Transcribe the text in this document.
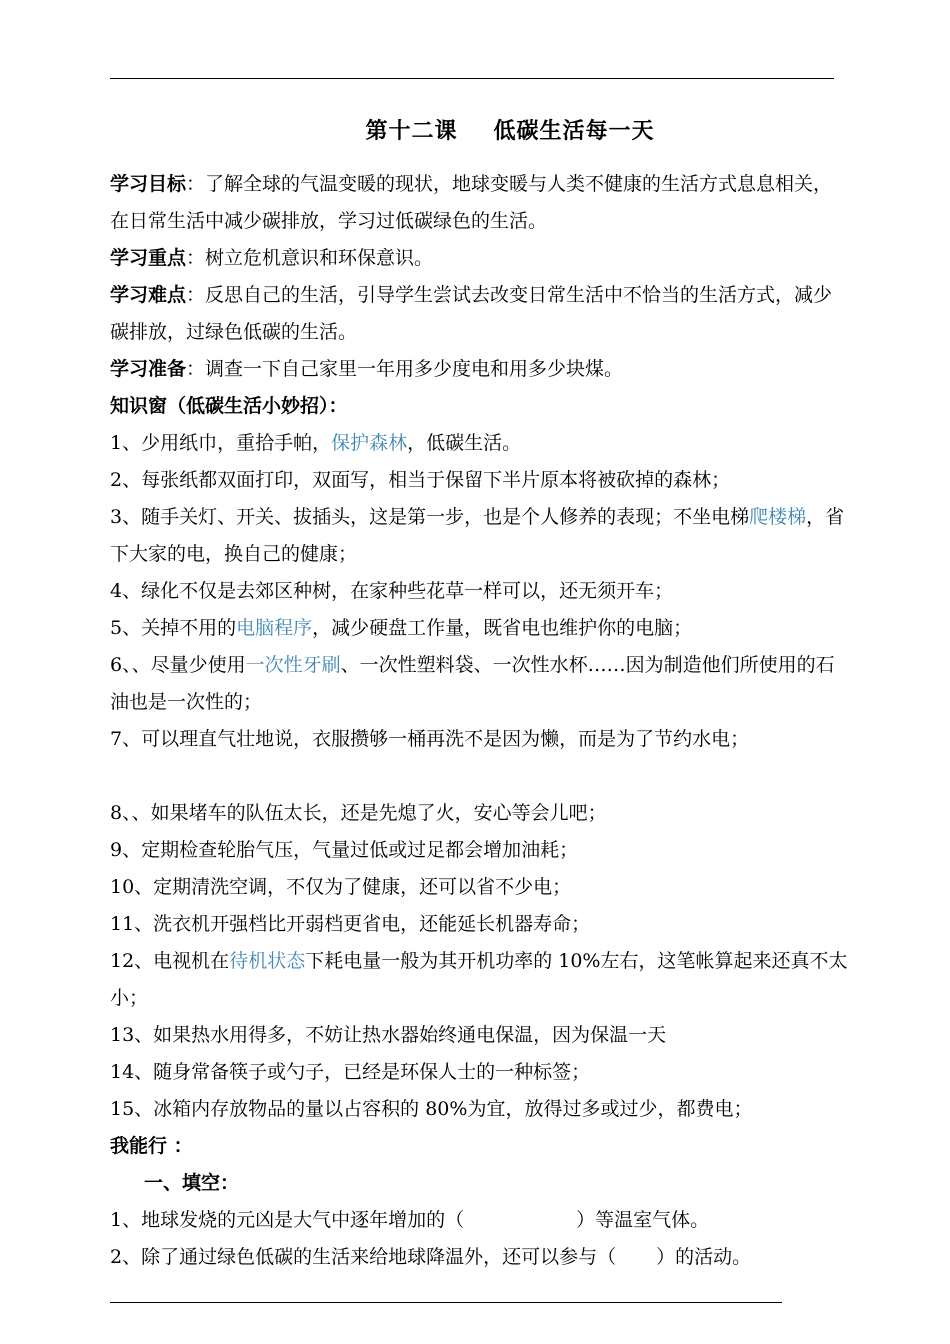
第十二课 低碳生活每一天

学习目标：了解全球的气温变暖的现状，地球变暖与人类不健康的生活方式息息相关，在日常生活中减少碳排放，学习过低碳绿色的生活。

学习重点：树立危机意识和环保意识。

学习难点：反思自己的生活，引导学生尝试去改变日常生活中不恰当的生活方式，减少碳排放，过绿色低碳的生活。

学习准备：调查一下自己家里一年用多少度电和用多少块煤。

知识窗（低碳生活小妙招）：

1、少用纸巾，重拾手帕，保护森林，低碳生活。

2、每张纸都双面打印，双面写，相当于保留下半片原本将被砍掉的森林；

3、随手关灯、开关、拔插头，这是第一步，也是个人修养的表现；不坐电梯爬楼梯，省下大家的电，换自己的健康；

4、绿化不仅是去郊区种树，在家种些花草一样可以，还无须开车；

5、关掉不用的电脑程序，减少硬盘工作量，既省电也维护你的电脑；

6、、尽量少使用一次性牙刷、一次性塑料袋、一次性水杯……因为制造他们所使用的石油也是一次性的；

7、可以理直气壮地说，衣服攒够一桶再洗不是因为懒，而是为了节约水电；

8、、如果堵车的队伍太长，还是先熄了火，安心等会儿吧；

9、定期检查轮胎气压，气量过低或过足都会增加油耗；

10、定期清洗空调，不仅为了健康，还可以省不少电；

11、洗衣机开强档比开弱档更省电，还能延长机器寿命；

12、电视机在待机状态下耗电量一般为其开机功率的 10%左右，这笔帐算起来还真不太小；

13、如果热水用得多，不妨让热水器始终通电保温，因为保温一天

14、随身常备筷子或勺子，已经是环保人士的一种标签；

15、冰箱内存放物品的量以占容积的 80%为宜，放得过多或过少，都费电；

我能行 ：

一、填空：

1、地球发烧的元凶是大气中逐年增加的（	）等温室气体。

2、除了通过绿色低碳的生活来给地球降温外，还可以参与（ ）的活动。
